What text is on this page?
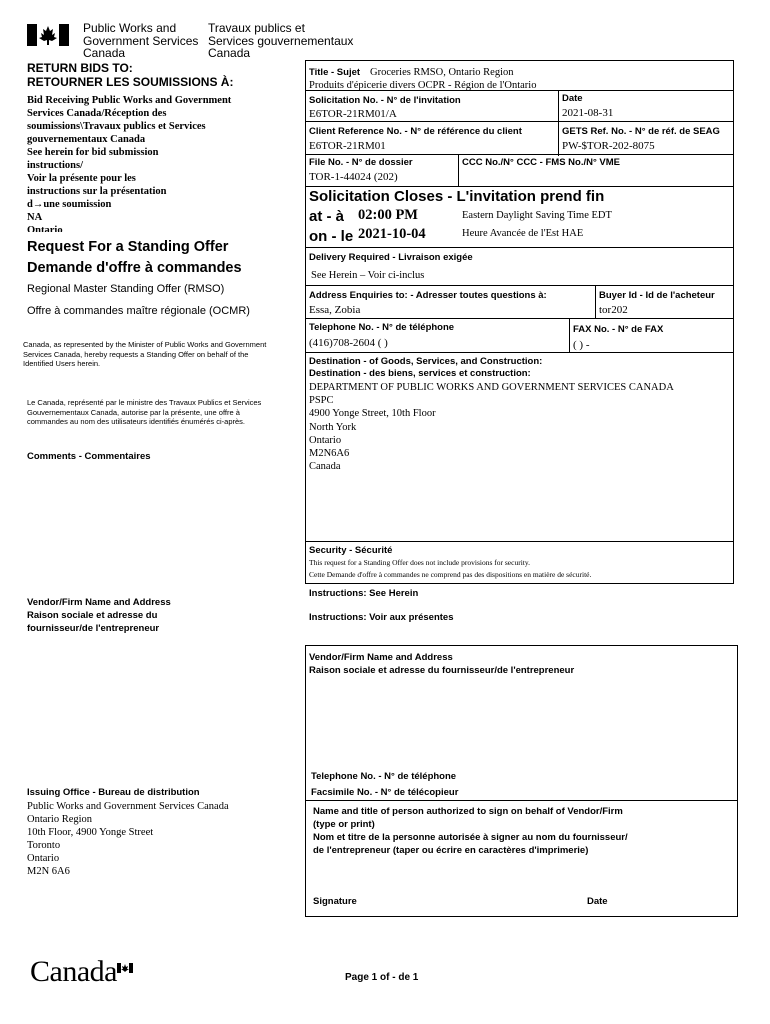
Public Works and
Government Services
Canada
Travaux publics et
Services gouvernementaux
Canada
RETURN BIDS TO:
RETOURNER LES SOUMISSIONS À:
Bid Receiving Public Works and Government
Services Canada/Réception des
soumissions\Travaux publics et Services
gouvernementaux Canada
See herein for bid submission
instructions/
Voir la présente pour les
instructions sur la présentation
d→une soumission
NA
Ontario
Request For a Standing Offer
Demande d'offre à commandes
Regional Master Standing Offer (RMSO)
Offre à commandes maître régionale (OCMR)
Canada, as represented by the Minister of Public Works and Government Services Canada, hereby requests a Standing Offer on behalf of the Identified Users herein.
Le Canada, représenté par le ministre des Travaux Publics et Services Gouvernementaux Canada, autorise par la présente, une offre à commandes au nom des utilisateurs identifiés énumérés ci-après.
Comments - Commentaires
Vendor/Firm Name and Address
Raison sociale et adresse du
fournisseur/de l'entrepreneur
Issuing Office - Bureau de distribution
Public Works and Government Services Canada
Ontario Region
10th Floor, 4900 Yonge Street
Toronto
Ontario
M2N 6A6
Title - Sujet Groceries RMSO, Ontario Region
Produits d'épicerie divers OCPR - Région de l'Ontario
Solicitation No. - N° de l'invitation
E6TOR-21RM01/A
Date
2021-08-31
Client Reference No. - N° de référence du client
E6TOR-21RM01
GETS Ref. No. - N° de réf. de SEAG
PW-$TOR-202-8075
File No. - N° de dossier
TOR-1-44024 (202)
CCC No./N° CCC - FMS No./N° VME
Solicitation Closes - L'invitation prend fin
at - à 02:00 PM	Eastern Daylight Saving Time EDT
on - le 2021-10-04	Heure Avancée de l'Est HAE
Delivery Required - Livraison exigée
See Herein – Voir ci-inclus
Address Enquiries to: - Adresser toutes questions à:
Essa, Zobia
Buyer Id - Id de l'acheteur
tor202
Telephone No. - N° de téléphone
(416)708-2604 ( )
FAX No. - N° de FAX
( ) -
Destination - of Goods, Services, and Construction:
Destination - des biens, services et construction:
DEPARTMENT OF PUBLIC WORKS AND GOVERNMENT SERVICES CANADA
PSPC
4900 Yonge Street, 10th Floor
North York
Ontario
M2N6A6
Canada
Security - Sécurité
This request for a Standing Offer does not include provisions for security.
Cette Demande d'offre à commandes ne comprend pas des dispositions en matière de sécurité.
Instructions: See Herein
Instructions: Voir aux présentes
Vendor/Firm Name and Address
Raison sociale et adresse du fournisseur/de l'entrepreneur
Telephone No. - N° de téléphone
Facsimile No. - N° de télécopieur
Name and title of person authorized to sign on behalf of Vendor/Firm
(type or print)
Nom et titre de la personne autorisée à signer au nom du fournisseur/
de l'entrepreneur (taper ou écrire en caractères d'imprimerie)
Signature	Date
Canada	Page 1 of - de 1
